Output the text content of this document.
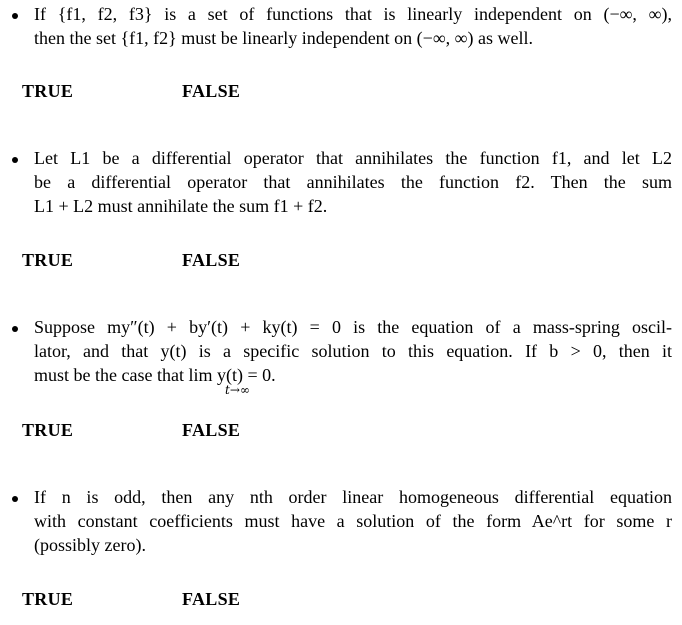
If {f1, f2, f3} is a set of functions that is linearly independent on (−∞, ∞),
then the set {f1, f2} must be linearly independent on (−∞, ∞) as well.
TRUE	FALSE
Let L1 be a differential operator that annihilates the function f1, and let L2
be a differential operator that annihilates the function f2. Then the sum
L1 + L2 must annihilate the sum f1 + f2.
TRUE	FALSE
Suppose my″(t) + by′(t) + ky(t) = 0 is the equation of a mass-spring oscil-
lator, and that y(t) is a specific solution to this equation. If b > 0, then it
must be the case that lim y(t) = 0.
t→∞
TRUE	FALSE
If n is odd, then any nth order linear homogeneous differential equation
with constant coefficients must have a solution of the form Ae^rt for some r
(possibly zero).
TRUE	FALSE
